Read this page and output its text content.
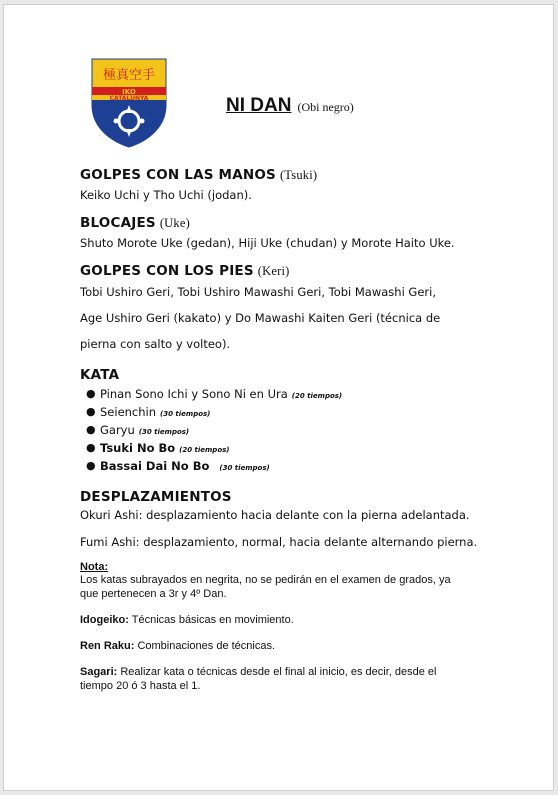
極真空手
IKO
CATALUNYA	NI DAN (Obi negro)
GOLPES CON LAS MANOS (Tsuki)
Keiko Uchi y Tho Uchi (jodan).
BLOCAJES (Uke)
Shuto Morote Uke (gedan), Hiji Uke (chudan) y Morote Haito Uke.
GOLPES CON LOS PIES (Keri)
Tobi Ushiro Geri, Tobi Ushiro Mawashi Geri, Tobi Mawashi Geri,
Age Ushiro Geri (kakato) y Do Mawashi Kaiten Geri (técnica de
pierna con salto y volteo).
KATA
● Pinan Sono Ichi y Sono Ni en Ura (20 tiempos)
● Seienchin (30 tiempos)
● Garyu (30 tiempos)
● Tsuki No Bo (20 tiempos)
● Bassai Dai No Bo (30 tiempos)
DESPLAZAMIENTOS
Okuri Ashi: desplazamiento hacia delante con la pierna adelantada.
Fumi Ashi: desplazamiento, normal, hacia delante alternando pierna.
Nota:
Los katas subrayados en negrita, no se pedirán en el examen de grados, ya
que pertenecen a 3r y 4º Dan.
Idogeiko: Técnicas básicas en movimiento.
Ren Raku: Combinaciones de técnicas.
Sagari: Realizar kata o técnicas desde el final al inicio, es decir, desde el
tiempo 20 ó 3 hasta el 1.
